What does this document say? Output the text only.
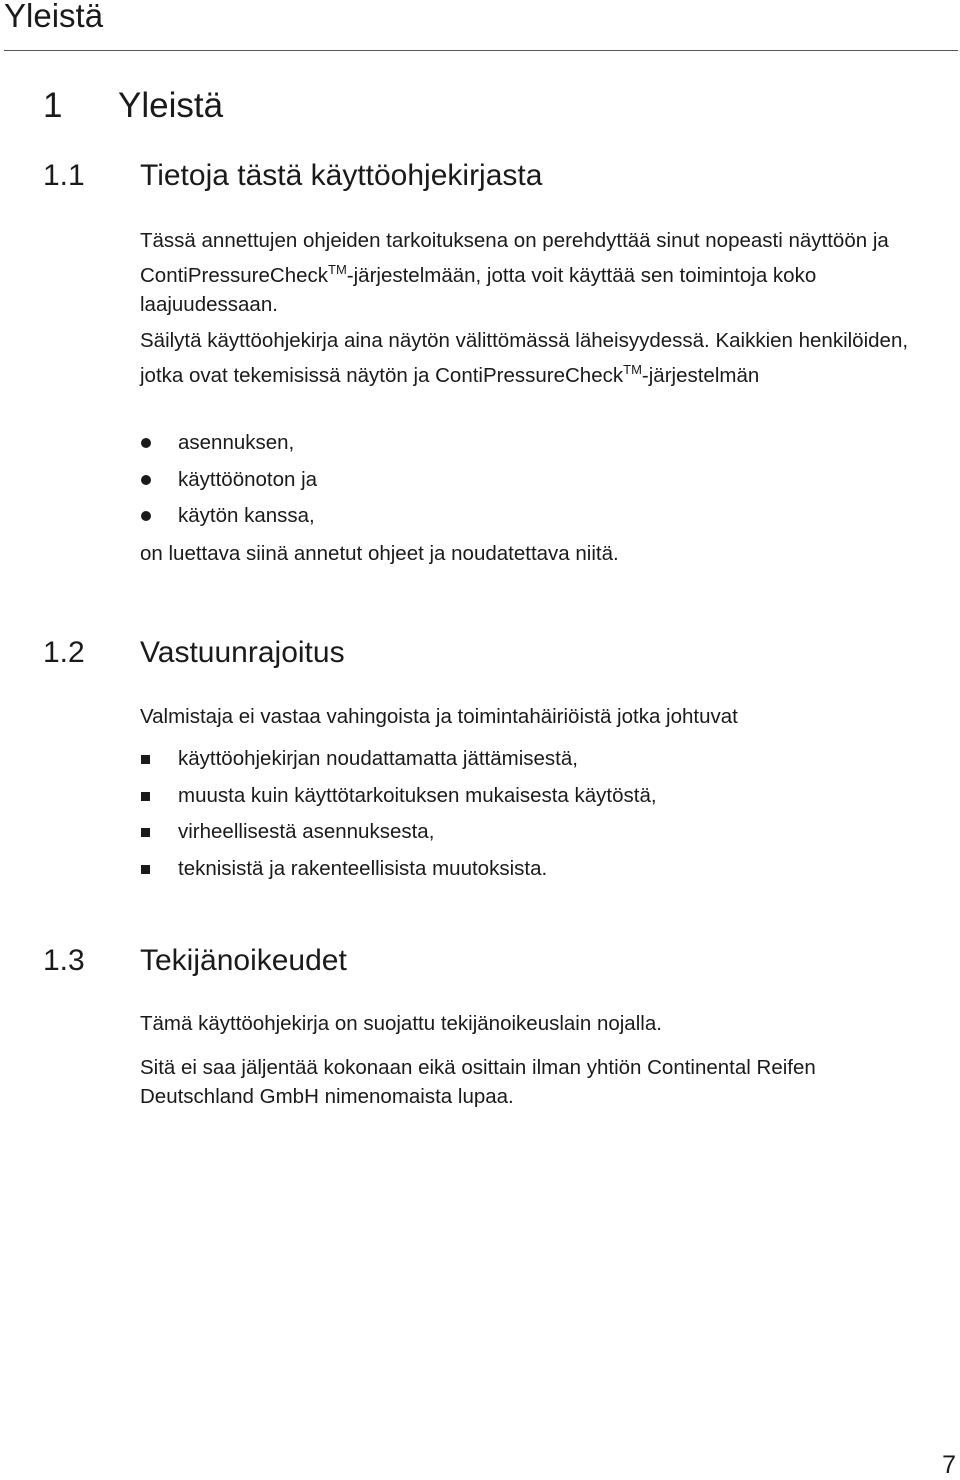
Yleistä
1 Yleistä
1.1 Tietoja tästä käyttöohjekirjasta

Tässä annettujen ohjeiden tarkoituksena on perehdyttää sinut nopeasti näyttöön ja ContiPressureCheck™-järjestelmään, jotta voit käyttää sen toimintoja koko laajuudessaan.

Säilytä käyttöohjekirja aina näytön välittömässä läheisyydessä. Kaikkien henkilöiden, jotka ovat tekemisissä näytön ja ContiPressureCheck™-järjestelmän

asennuksen,
käyttöönoton ja
käytön kanssa,

on luettava siinä annetut ohjeet ja noudatettava niitä.

1.2 Vastuunrajoitus

Valmistaja ei vastaa vahingoista ja toimintahäiriöistä jotka johtuvat

käyttöohjekirjan noudattamatta jättämisestä,
muusta kuin käyttötarkoituksen mukaisesta käytöstä,
virheellisestä asennuksesta,
teknisistä ja rakenteellisista muutoksista.
1.3 Tekijänoikeudet

Tämä käyttöohjekirja on suojattu tekijänoikeuslain nojalla.

Sitä ei saa jäljentää kokonaan eikä osittain ilman yhtiön Continental Reifen Deutschland GmbH nimenomaista lupaa.

7
